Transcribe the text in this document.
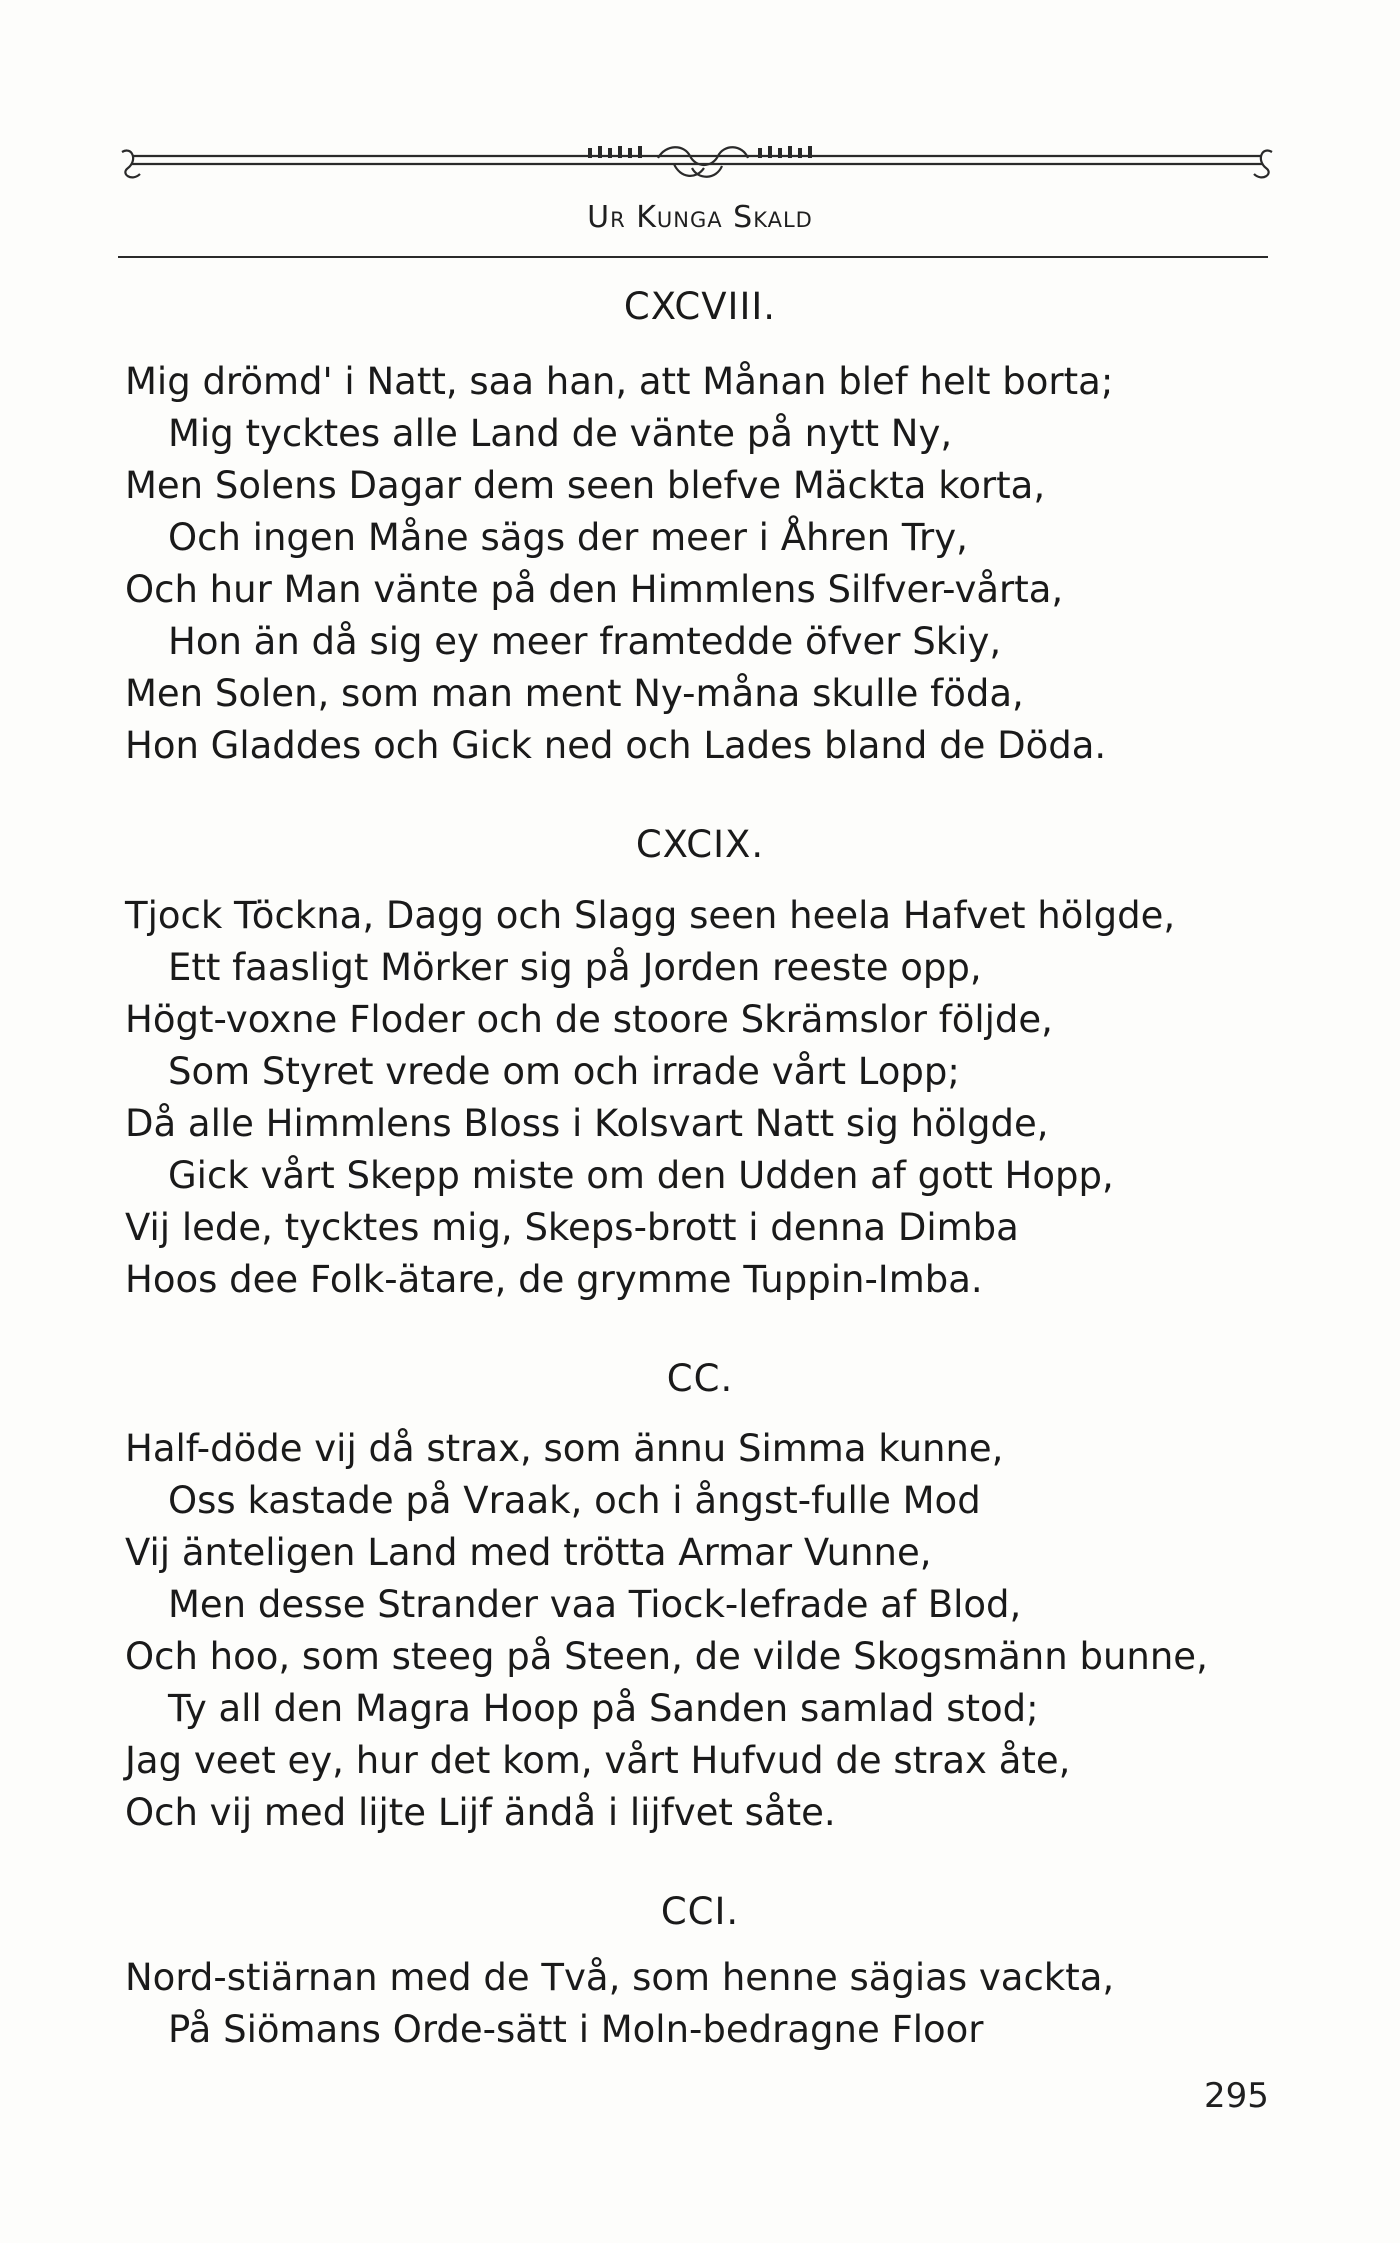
Ur Kunga Skald
CXCVIII.
Mig drömd' i Natt, saa han, att Månan blef helt borta;
Mig tycktes alle Land de vänte på nytt Ny,
Men Solens Dagar dem seen blefve Mäckta korta,
Och ingen Måne sägs der meer i Åhren Try,
Och hur Man vänte på den Himmlens Silfver-vårta,
Hon än då sig ey meer framtedde öfver Skiy,
Men Solen, som man ment Ny-måna skulle föda,
Hon Gladdes och Gick ned och Lades bland de Döda.
CXCIX.
Tjock Töckna, Dagg och Slagg seen heela Hafvet hölgde,
Ett faasligt Mörker sig på Jorden reeste opp,
Högt-voxne Floder och de stoore Skrämslor följde,
Som Styret vrede om och irrade vårt Lopp;
Då alle Himmlens Bloss i Kolsvart Natt sig hölgde,
Gick vårt Skepp miste om den Udden af gott Hopp,
Vij lede, tycktes mig, Skeps-brott i denna Dimba
Hoos dee Folk-ätare, de grymme Tuppin-Imba.
CC.
Half-döde vij då strax, som ännu Simma kunne,
Oss kastade på Vraak, och i ångst-fulle Mod
Vij änteligen Land med trötta Armar Vunne,
Men desse Strander vaa Tiock-lefrade af Blod,
Och hoo, som steeg på Steen, de vilde Skogsmänn bunne,
Ty all den Magra Hoop på Sanden samlad stod;
Jag veet ey, hur det kom, vårt Hufvud de strax åte,
Och vij med lijte Lijf ändå i lijfvet såte.
CCI.
Nord-stiärnan med de Två, som henne sägias vackta,
På Siömans Orde-sätt i Moln-bedragne Floor
295
